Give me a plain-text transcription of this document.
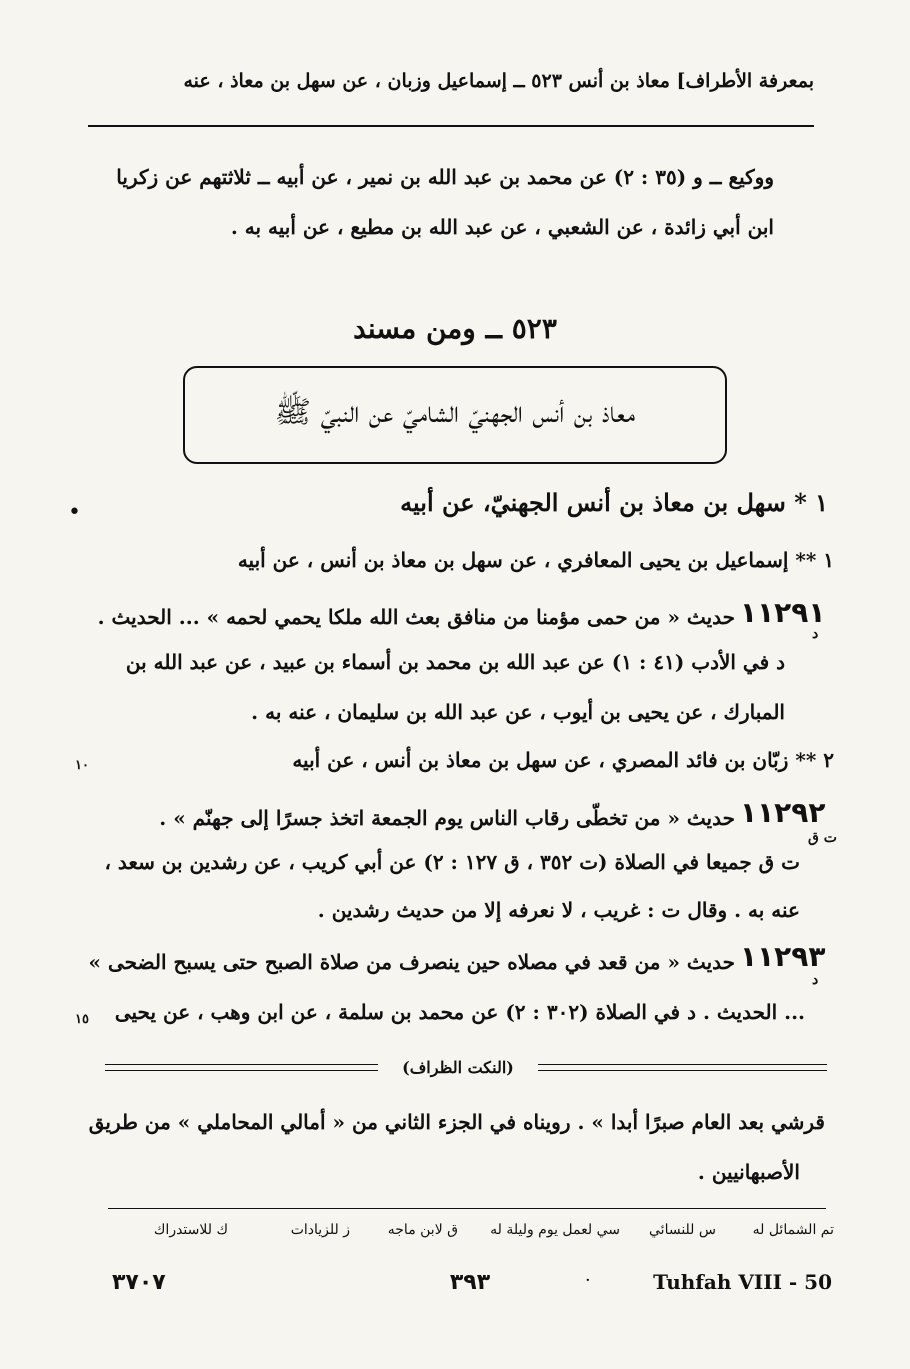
بمعرفة الأطراف] معاذ بن أنس ٥٢٣ ــ إسماعيل وزبان ، عن سهل بن معاذ ، عنه
ووكيع ــ و (٣٥ : ٢) عن محمد بن عبد الله بن نمير ، عن أبيه ــ ثلاثتهم عن زكريا
ابن أبي زائدة ، عن الشعبي ، عن عبد الله بن مطيع ، عن أبيه به .
٥٢٣ ــ ومن مسند
معاذ بن أنس الجهنيّ الشاميّ عن النبيّ ﷺ
١ * سهل بن معاذ بن أنس الجهنيّ، عن أبيه
•
١ ** إسماعيل بن يحيى المعافري ، عن سهل بن معاذ بن أنس ، عن أبيه
حديث « من حمى مؤمنا من منافق بعث الله ملكا يحمي لحمه » ... الحديث . ١١٢٩١
د
د في الأدب (٤١ : ١) عن عبد الله بن محمد بن أسماء بن عبيد ، عن عبد الله بن
المبارك ، عن يحيى بن أيوب ، عن عبد الله بن سليمان ، عنه به .
٢ ** زبّان بن فائد المصري ، عن سهل بن معاذ بن أنس ، عن أبيه
١٠
حديث « من تخطّى رقاب الناس يوم الجمعة اتخذ جسرًا إلى جهنّم » . ١١٢٩٢
ت ق
ت ق جميعا في الصلاة (ت ٣٥٢ ، ق ١٢٧ : ٢) عن أبي كريب ، عن رشدين بن سعد ،
عنه به . وقال ت : غريب ، لا نعرفه إلا من حديث رشدين .
حديث « من قعد في مصلاه حين ينصرف من صلاة الصبح حتى يسبح الضحى » ١١٢٩٣
د
... الحديث . د في الصلاة (٣٠٢ : ٢) عن محمد بن سلمة ، عن ابن وهب ، عن يحيى
١٥
(النكت الظراف)
قرشي بعد العام صبرًا أبدا » . رويناه في الجزء الثاني من « أمالي المحاملي » من طريق
الأصبهانيين .
تم الشمائل له
س للنسائي
سي لعمل يوم وليلة له
ق لابن ماجه
ز للزيادات
ك للاستدراك
٣٧٠٧	٣٩٣	·	Tuhfah VIII - 50
